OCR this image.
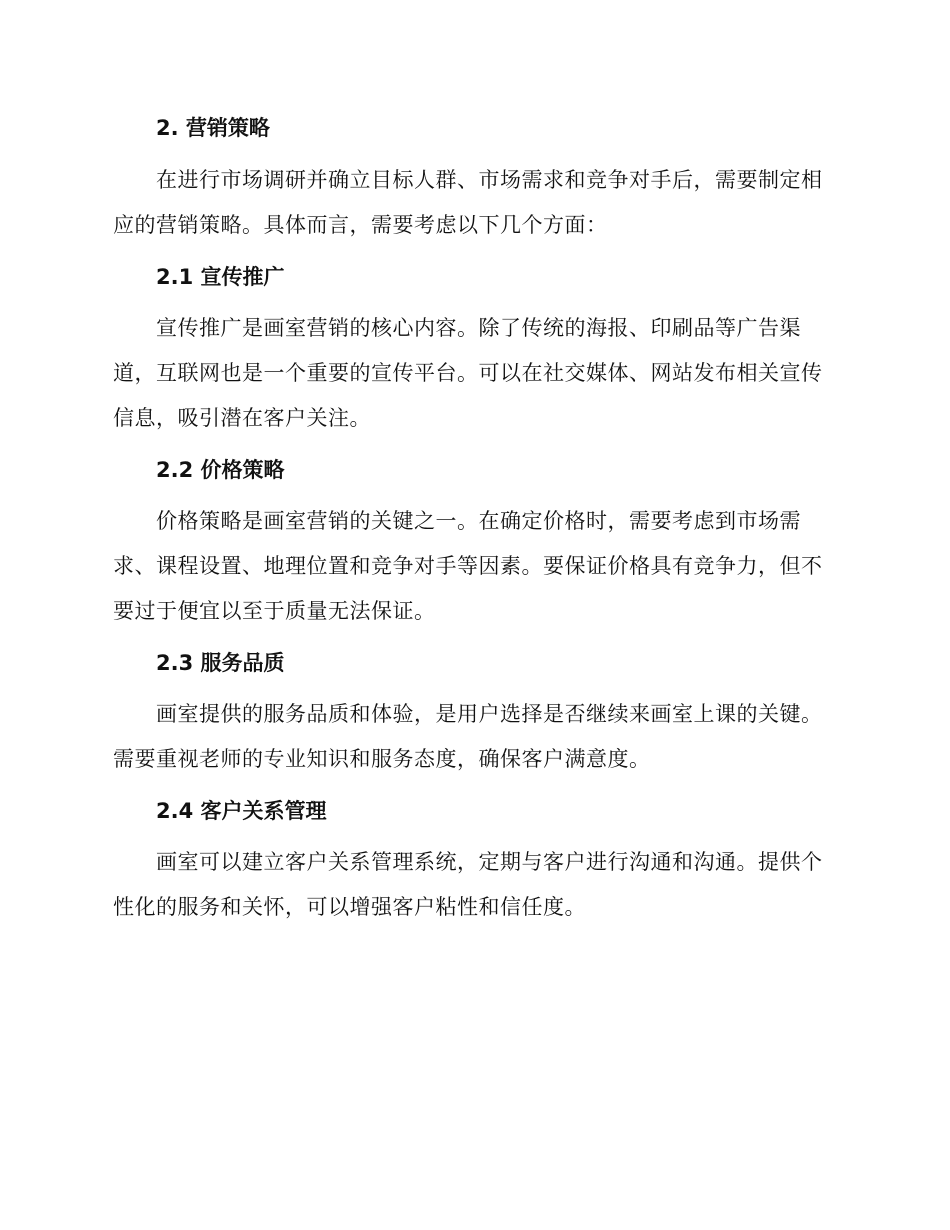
2. 营销策略

在进行市场调研并确立目标人群、市场需求和竞争对手后，需要制定相应的营销策略。具体而言，需要考虑以下几个方面：

2.1 宣传推广

宣传推广是画室营销的核心内容。除了传统的海报、印刷品等广告渠道，互联网也是一个重要的宣传平台。可以在社交媒体、网站发布相关宣传信息，吸引潜在客户关注。

2.2 价格策略

价格策略是画室营销的关键之一。在确定价格时，需要考虑到市场需求、课程设置、地理位置和竞争对手等因素。要保证价格具有竞争力，但不要过于便宜以至于质量无法保证。

2.3 服务品质

画室提供的服务品质和体验，是用户选择是否继续来画室上课的关键。需要重视老师的专业知识和服务态度，确保客户满意度。

2.4 客户关系管理

画室可以建立客户关系管理系统，定期与客户进行沟通和沟通。提供个性化的服务和关怀，可以增强客户粘性和信任度。
